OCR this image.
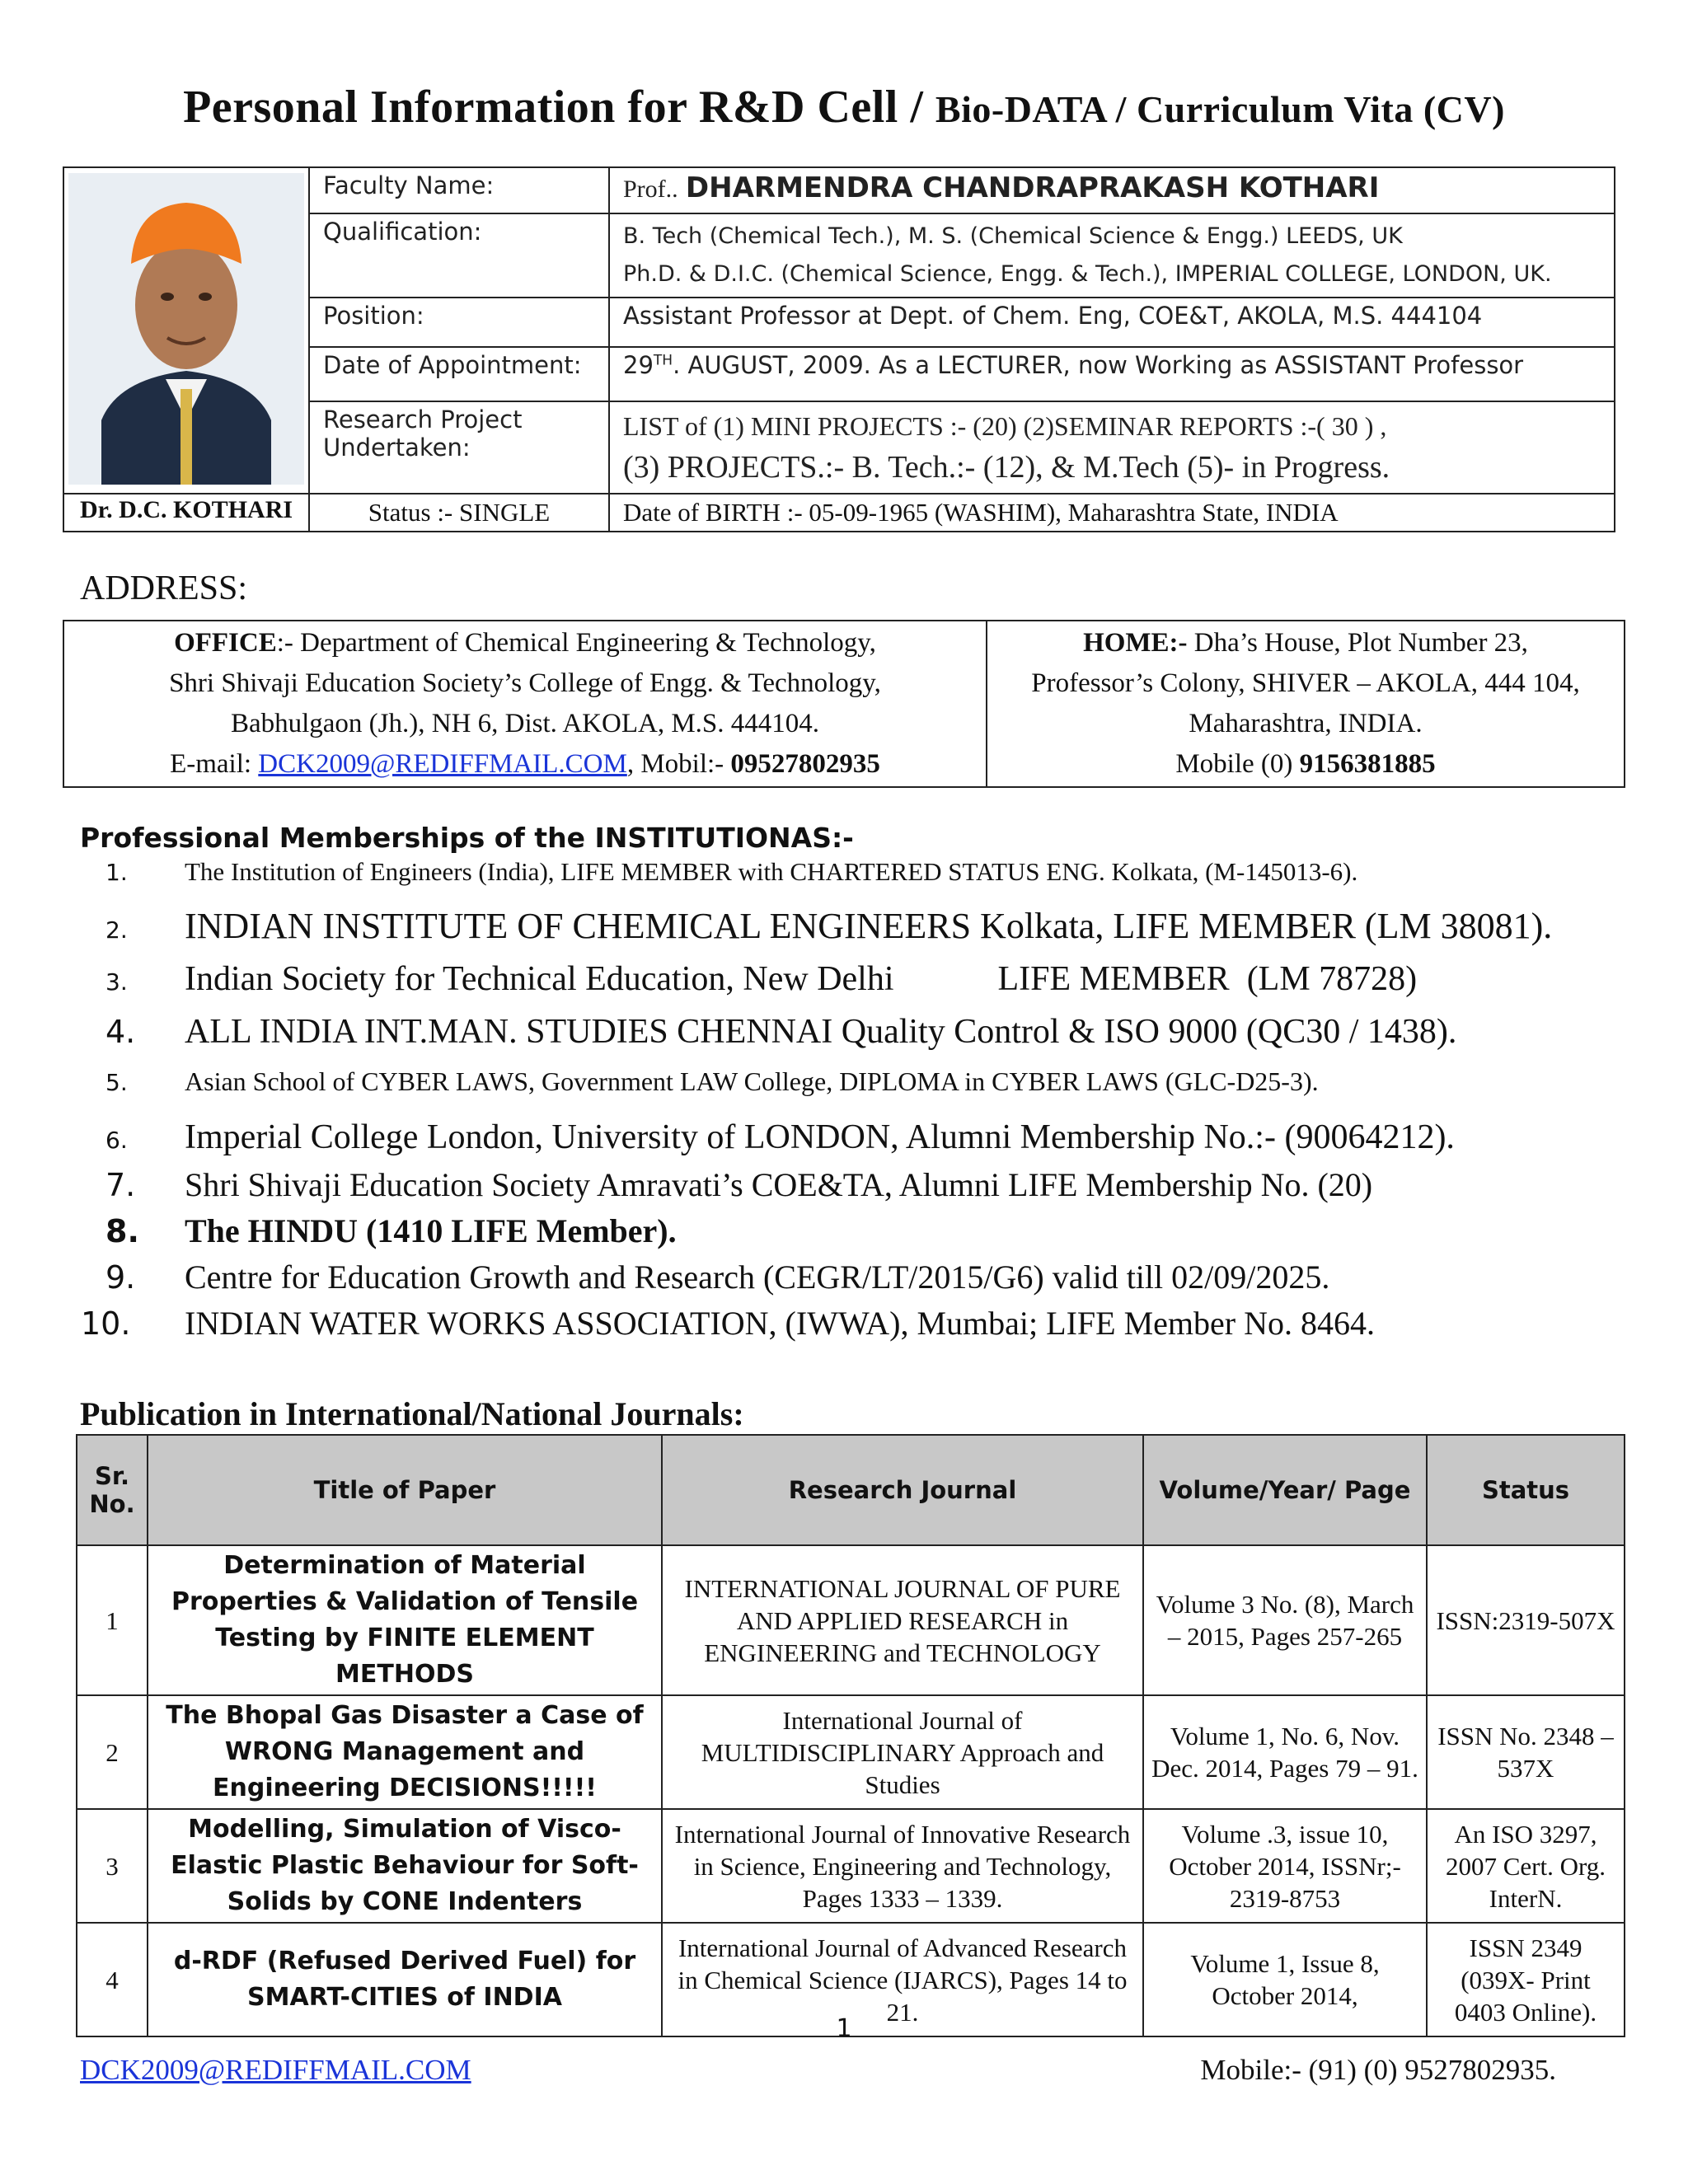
Personal Information for R&D Cell / Bio-DATA / Curriculum Vita (CV)
	Faculty Name:	Prof.. DHARMENDRA CHANDRAPRAKASH KOTHARI
	Qualification:	B. Tech (Chemical Tech.), M. S. (Chemical Science & Engg.) LEEDS, UK
Ph.D. & D.I.C. (Chemical Science, Engg. & Tech.), IMPERIAL COLLEGE, LONDON, UK.

	Position:	Assistant Professor at Dept. of Chem. Eng, COE&T, AKOLA, M.S. 444104
	Date of Appointment:	29TH. AUGUST, 2009. As a LECTURER, now Working as ASSISTANT Professor
	Research Project Undertaken:	LIST of (1) MINI PROJECTS :- (20) (2)SEMINAR REPORTS :-( 30 ) ,
(3) PROJECTS.:- B. Tech.:- (12), & M.Tech (5)- in Progress.

Dr. D.C. KOTHARI	Status :- SINGLE	Date of BIRTH :- 05-09-1965 (WASHIM), Maharashtra State, INDIA
ADDRESS:
OFFICE:- Department of Chemical Engineering & Technology,
Shri Shivaji Education Society’s College of Engg. & Technology,
Babhulgaon (Jh.), NH 6, Dist. AKOLA, M.S. 444104.
E-mail: DCK2009@REDIFFMAIL.COM, Mobil:- 09527802935

HOME:- Dha’s House, Plot Number 23,
Professor’s Colony, SHIVER – AKOLA, 444 104,
Maharashtra, INDIA.
Mobile (0) 9156381885
Professional Memberships of the INSTITUTIONAS:-
1.	The Institution of Engineers (India), LIFE MEMBER with CHARTERED STATUS ENG. Kolkata, (M-145013-6).
2.	INDIAN INSTITUTE OF CHEMICAL ENGINEERS Kolkata, LIFE MEMBER (LM 38081).
3.	Indian Society for Technical Education, New Delhi            LIFE MEMBER  (LM 78728)
4.	ALL INDIA INT.MAN. STUDIES CHENNAI Quality Control & ISO 9000 (QC30 / 1438).
5.	Asian School of CYBER LAWS, Government LAW College, DIPLOMA in CYBER LAWS (GLC-D25-3).
6.	Imperial College London, University of LONDON, Alumni Membership No.:- (90064212).
7.	Shri Shivaji Education Society Amravati’s COE&TA, Alumni LIFE Membership No. (20)
8.	The HINDU (1410 LIFE Member).
9.	Centre for Education Growth and Research (CEGR/LT/2015/G6) valid till 02/09/2025.
10.	INDIAN WATER WORKS ASSOCIATION, (IWWA), Mumbai; LIFE Member No. 8464.
Publication in International/National Journals:
Sr. No.	Title of Paper	Research Journal	Volume/Year/ Page	Status
1	Determination of Material Properties & Validation of Tensile Testing by FINITE ELEMENT METHODS	INTERNATIONAL JOURNAL OF PURE AND APPLIED RESEARCH in ENGINEERING and TECHNOLOGY	Volume 3 No. (8), March – 2015, Pages 257-265	ISSN:2319-507X
2	The Bhopal Gas Disaster a Case of WRONG Management and Engineering DECISIONS!!!!!	International Journal of MULTIDISCIPLINARY Approach and Studies	Volume 1, No. 6, Nov. Dec. 2014, Pages 79 – 91.	ISSN No. 2348 – 537X
3	Modelling, Simulation of Visco-Elastic Plastic Behaviour for Soft-Solids by CONE Indenters	International Journal of Innovative Research in Science, Engineering and Technology, Pages 1333 – 1339.	Volume .3, issue 10, October 2014, ISSNr;- 2319-8753	An ISO 3297, 2007 Cert. Org. InterN.
4	d-RDF (Refused Derived Fuel) for SMART-CITIES of INDIA	International Journal of Advanced Research in Chemical Science (IJARCS), Pages 14 to 21.	Volume 1, Issue 8, October 2014,	ISSN 2349 (039X- Print 0403 Online).
1
DCK2009@REDIFFMAIL.COM	Mobile:- (91) (0) 9527802935.
